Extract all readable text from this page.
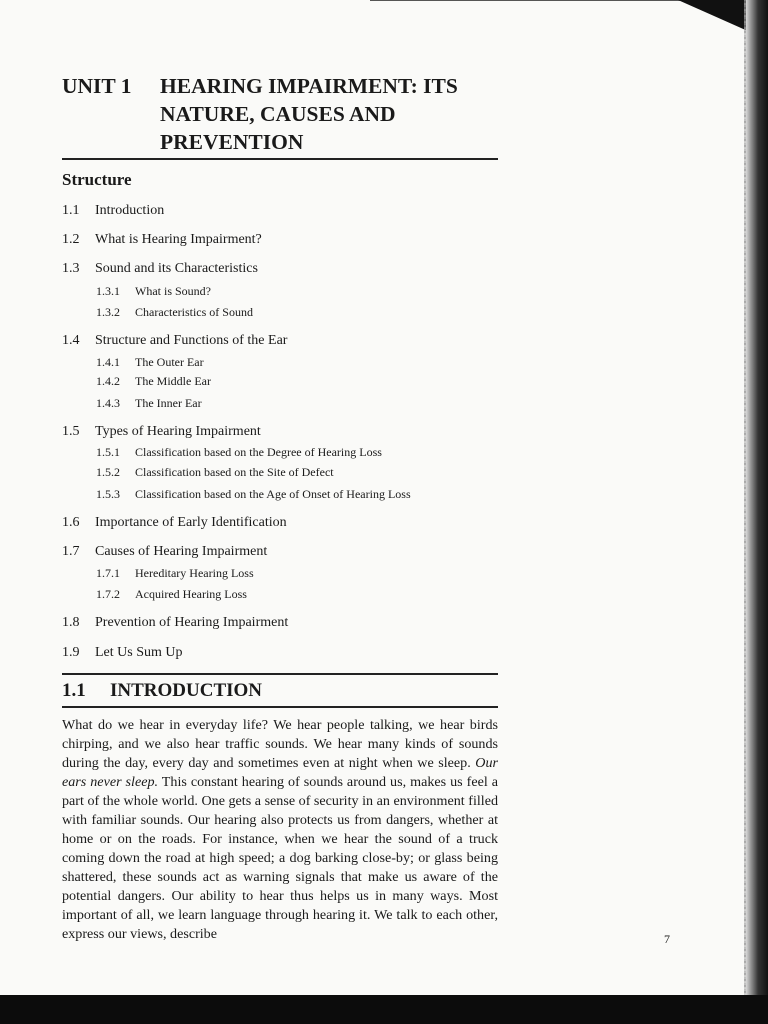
UNIT 1 HEARING IMPAIRMENT: ITS
NATURE, CAUSES AND
PREVENTION
Structure
1.1 Introduction
1.2 What is Hearing Impairment?
1.3 Sound and its Characteristics
1.3.1 What is Sound?
1.3.2 Characteristics of Sound
1.4 Structure and Functions of the Ear
1.4.1 The Outer Ear
1.4.2 The Middle Ear
1.4.3 The Inner Ear
1.5 Types of Hearing Impairment
1.5.1 Classification based on the Degree of Hearing Loss
1.5.2 Classification based on the Site of Defect
1.5.3 Classification based on the Age of Onset of Hearing Loss
1.6 Importance of Early Identification
1.7 Causes of Hearing Impairment
1.7.1 Hereditary Hearing Loss
1.7.2 Acquired Hearing Loss
1.8 Prevention of Hearing Impairment
1.9 Let Us Sum Up
1.1 INTRODUCTION

What do we hear in everyday life? We hear people talking, we hear birds chirping, and we also hear traffic sounds. We hear many kinds of sounds during the day, every day and sometimes even at night when we sleep. Our ears never sleep. This constant hearing of sounds around us, makes us feel a part of the whole world. One gets a sense of security in an environment filled with familiar sounds. Our hearing also protects us from dangers, whether at home or on the roads. For instance, when we hear the sound of a truck coming down the road at high speed; a dog barking close-by; or glass being shattered, these sounds act as warning signals that make us aware of the potential dangers. Our ability to hear thus helps us in many ways. Most important of all, we learn language through hearing it. We talk to each other, express our views, describe	7
